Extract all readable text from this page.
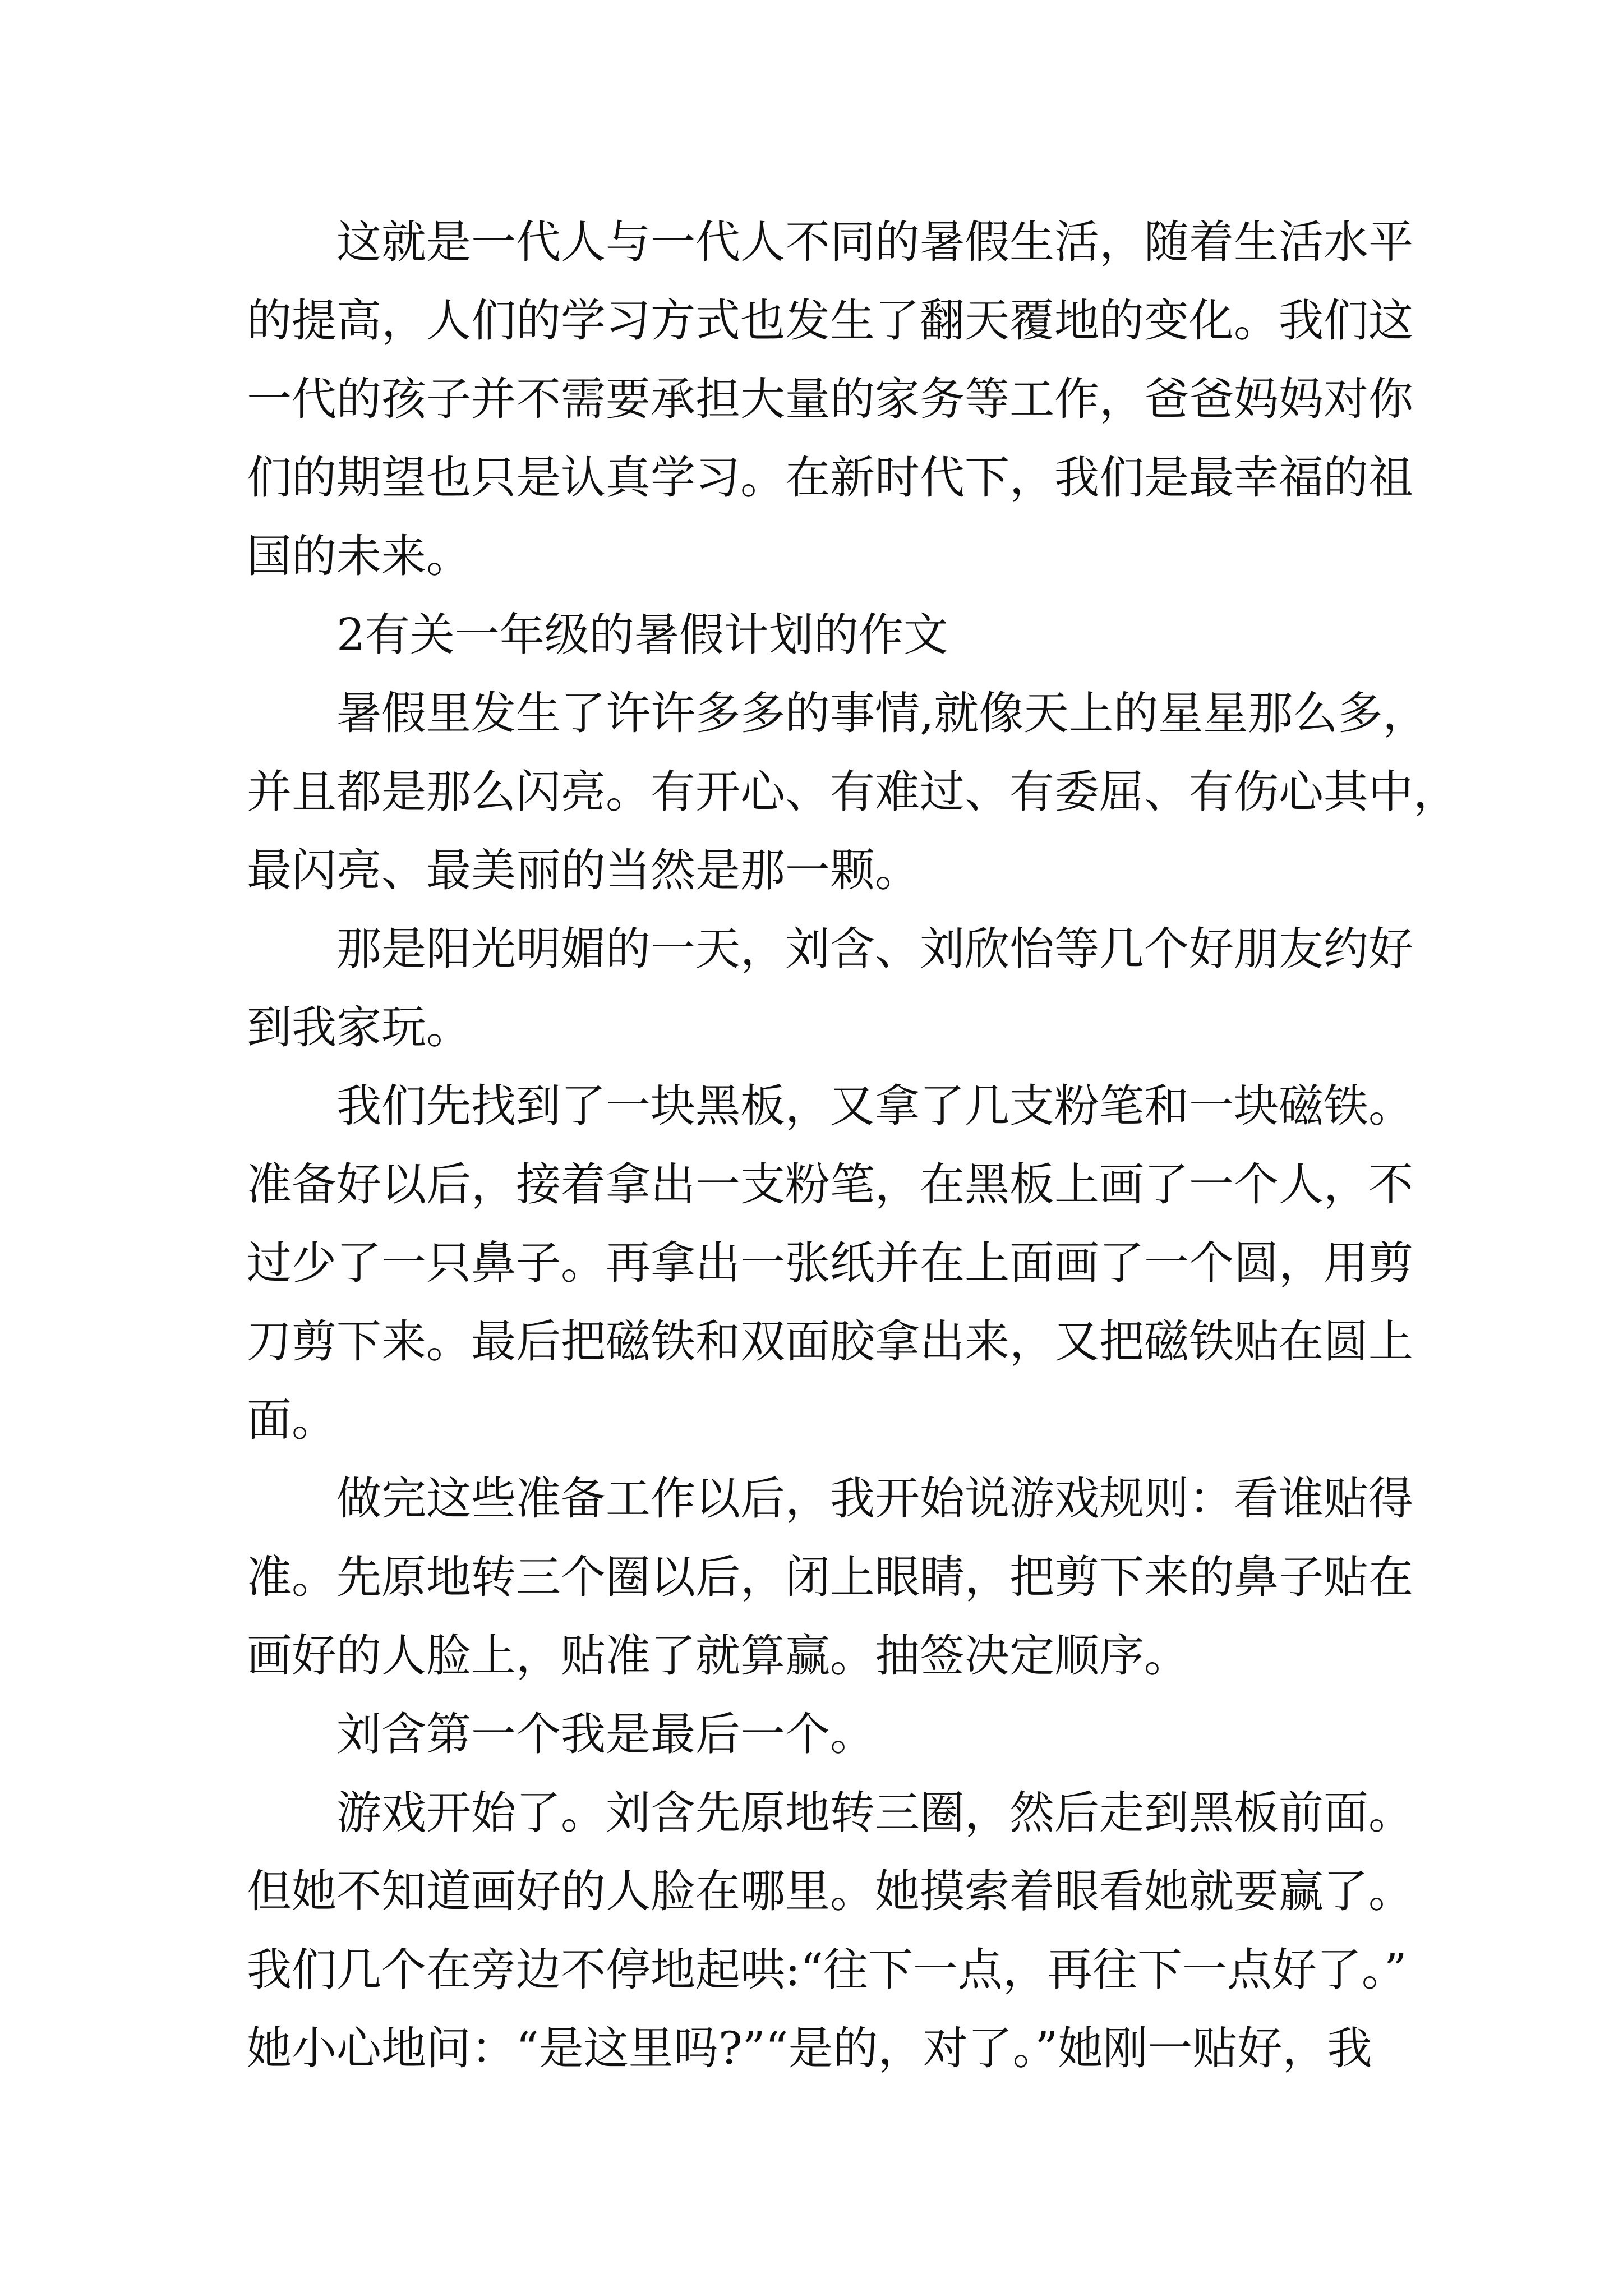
这就是一代人与一代人不同的暑假生活，随着生活水平
的提高，人们的学习方式也发生了翻天覆地的变化。我们这
一代的孩子并不需要承担大量的家务等工作，爸爸妈妈对你
们的期望也只是认真学习。在新时代下，我们是最幸福的祖
国的未来。
2有关一年级的暑假计划的作文
暑假里发生了许许多多的事情,就像天上的星星那么多，
并且都是那么闪亮。有开心、有难过、有委屈、有伤心其中，
最闪亮、最美丽的当然是那一颗。
那是阳光明媚的一天，刘含、刘欣怡等几个好朋友约好
到我家玩。
我们先找到了一块黑板，又拿了几支粉笔和一块磁铁。
准备好以后，接着拿出一支粉笔，在黑板上画了一个人，不
过少了一只鼻子。再拿出一张纸并在上面画了一个圆，用剪
刀剪下来。最后把磁铁和双面胶拿出来，又把磁铁贴在圆上
面。
做完这些准备工作以后，我开始说游戏规则：看谁贴得
准。先原地转三个圈以后，闭上眼睛，把剪下来的鼻子贴在
画好的人脸上，贴准了就算赢。抽签决定顺序。
刘含第一个我是最后一个。
游戏开始了。刘含先原地转三圈，然后走到黑板前面。
但她不知道画好的人脸在哪里。她摸索着眼看她就要赢了。
我们几个在旁边不停地起哄:“往下一点，再往下一点好了。”
她小心地问：“是这里吗?”“是的，对了。”她刚一贴好，我
